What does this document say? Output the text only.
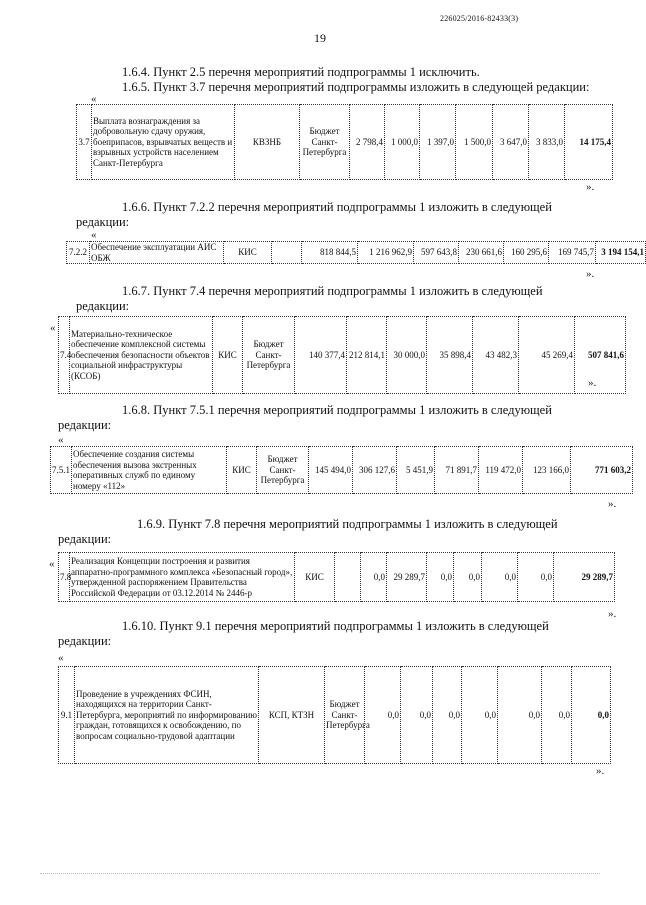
226025/2016-82433(3)
19
1.6.4. Пункт 2.5 перечня мероприятий подпрограммы 1 исключить.
1.6.5. Пункт 3.7 перечня мероприятий подпрограммы изложить в следующей редакции:
«
3.7	Выплата вознаграждения за добровольную сдачу оружия, боеприпасов, взрывчатых веществ и взрывных устройств населением Санкт-Петербурга	КВЗНБ	Бюджет Санкт-Петербурга	2 798,4	1 000,0	1 397,0	1 500,0	3 647,0	3 833,0	14 175,4
».
1.6.6. Пункт 7.2.2 перечня мероприятий подпрограммы 1 изложить в следующей
редакции:
«
7.2.2	Обеспечение эксплуатации АИС ОБЖ	КИС		818 844,5	1 216 962,9	597 643,8	230 661,6	160 295,6	169 745,7	3 194 154,1
».
1.6.7. Пункт 7.4 перечня мероприятий подпрограммы 1 изложить в следующей
редакции:
«
7.4	Материально-техническое обеспечение комплексной системы обеспечения безопасности объектов социальной инфраструктуры (КСОБ)	КИС	Бюджет Санкт-Петербурга	140 377,4	212 814,1	30 000,0	35 898,4	43 482,3	45 269,4	507 841,6
».
1.6.8. Пункт 7.5.1 перечня мероприятий подпрограммы 1 изложить в следующей
редакции:
«
7.5.1	Обеспечение создания системы обеспечения вызова экстренных оперативных служб по единому номеру «112»	КИС	Бюджет Санкт-Петербурга	145 494,0	306 127,6	5 451,9	71 891,7	119 472,0	123 166,0	771 603,2
».
1.6.9. Пункт 7.8 перечня мероприятий подпрограммы 1 изложить в следующей
редакции:
«
7.8	Реализация Концепции построения и развития аппаратно-программного комплекса «Безопасный город», утвержденной распоряжением Правительства Российской Федерации от 03.12.2014 № 2446-р	КИС		0,0	29 289,7	0,0	0,0	0,0	0,0	29 289,7
».
1.6.10. Пункт 9.1 перечня мероприятий подпрограммы 1 изложить в следующей
редакции:
«
9.1	Проведение в учреждениях ФСИН, находящихся на территории Санкт-Петербурга, мероприятий по информированию граждан, готовящихся к освобождению, по вопросам социально-трудовой адаптации	КСП, КТЗН	Бюджет Санкт-Петербурга	0,0	0,0	0,0	0,0	0,0	0,0	0,0
».
